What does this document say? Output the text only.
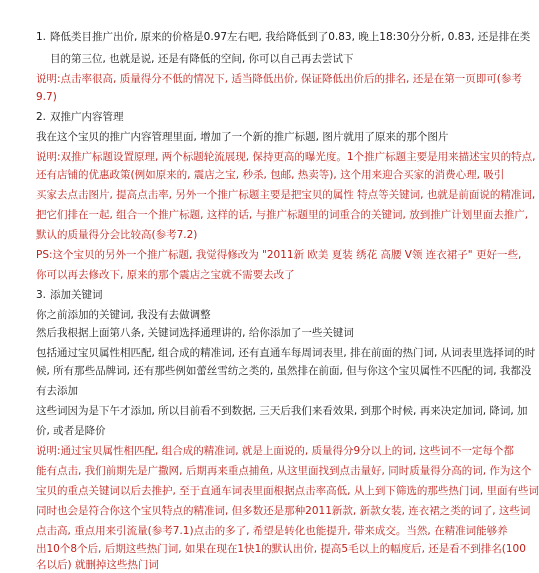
1. 降低类目推广出价, 原来的价格是0.97左右吧, 我给降低到了0.83, 晚上18:30分分析, 0.83, 还是排在类
目的第三位, 也就是说, 还是有降低的空间, 你可以自己再去尝试下
说明:点击率很高, 质量得分不低的情况下, 适当降低出价, 保证降低出价后的排名, 还是在第一页即可(参考
9.7)
2. 双推广内容管理
我在这个宝贝的推广内容管理里面, 增加了一个新的推广标题, 图片就用了原来的那个图片
说明:双推广标题设置原理, 两个标题轮流展现, 保持更高的曝光度。1个推广标题主要是用来描述宝贝的特点,
还有店铺的优惠政策(例如原来的, 震店之宝, 秒杀, 包邮, 热卖等), 这个用来迎合买家的消费心理, 吸引
买家去点击图片, 提高点击率, 另外一个推广标题主要是把宝贝的属性 特点等关键词, 也就是前面说的精准词,
把它们排在一起, 组合一个推广标题, 这样的话, 与推广标题里的词重合的关键词, 放到推广计划里面去推广,
默认的质量得分会比较高(参考7.2)
PS:这个宝贝的另外一个推广标题, 我觉得修改为 "2011新 欧美 夏装 绣花 高腰 V领 连衣裙子" 更好一些,
你可以再去修改下, 原来的那个震店之宝就不需要去改了
3. 添加关键词
你之前添加的关键词, 我没有去做调整
然后我根据上面第八条, 关键词选择通理讲的, 给你添加了一些关键词
包括通过宝贝属性相匹配, 组合成的精准词, 还有直通车每周词表里, 排在前面的热门词, 从词表里选择词的时
候, 所有那些品牌词, 还有那些例如蕾丝雪纺之类的, 虽然排在前面, 但与你这个宝贝属性不匹配的词, 我都没
有去添加
这些词因为是下午才添加, 所以目前看不到数据, 三天后我们来看效果, 到那个时候, 再来决定加词, 降词, 加
价, 或者是降价
说明:通过宝贝属性相匹配, 组合成的精准词, 就是上面说的, 质量得分9分以上的词, 这些词不一定每个都
能有点击, 我们前期先是广撒网, 后期再来重点捕鱼, 从这里面找到点击量好, 同时质量得分高的词, 作为这个
宝贝的重点关键词以后去推护, 至于直通车词表里面根据点击率高低, 从上到下筛选的那些热门词, 里面有些词
同时也会是符合你这个宝贝特点的精准词, 但多数还是那种2011新款, 新款女装, 连衣裙之类的词了, 这些词
点击高, 重点用来引流量(参考7.1)点击的多了, 希望是转化也能提升, 带来成交。当然, 在精准词能够养
出10个8个后, 后期这些热门词, 如果在现在1快1的默认出价, 提高5毛以上的幅度后, 还是看不到排名(100
名以后) 就删掉这些热门词
